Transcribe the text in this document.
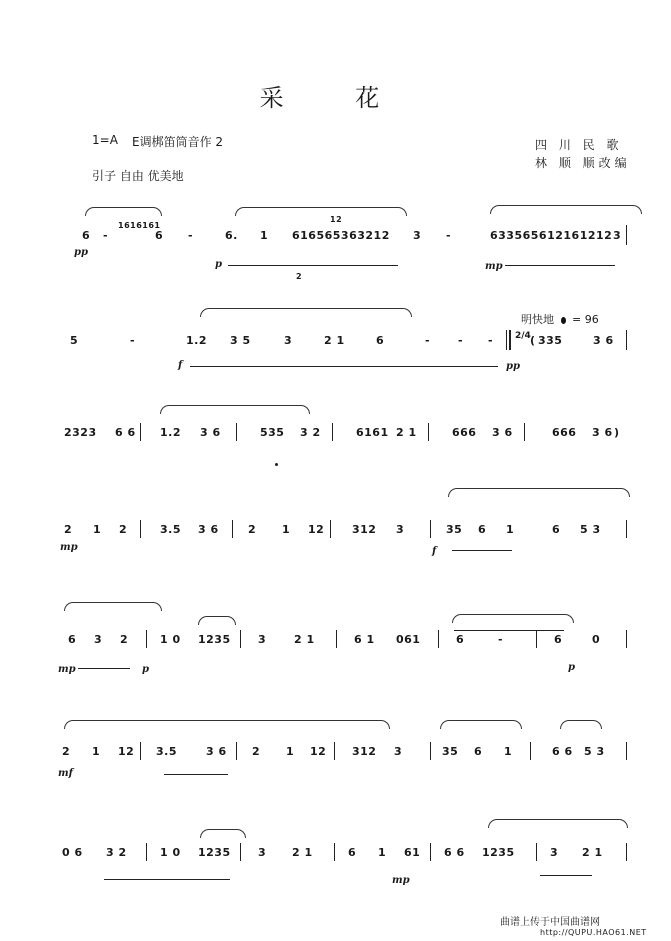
采 花
1=A E调梆笛筒音作 2	四 川 民 歌
林 顺 顺改编
引子 自由 优美地
明快地 = 96
2/4
6 -
1616161
6 -	6. 1
12
616565363212 3 -	633565612161212 3
pp
p
2
mp
5	-	1.2 3 5	3	2 1	6	-	- -	( 335	3 6
f	pp
2323 6 6 1.2 3 6	535 3 2	6161 2 1	666 3 6	666 3 6 )
2 1 2	3.5 3 6	2 1 12	312 3	35 6 1	6 5 3
mp	f
6 3 2	1 0 1235 3	2 1	6 1 061	6	-	6	0
mp	p	p
2 1 12 3.5	3 6 2 1 12 312 3	35 6 1	6 6 5 3
mf
0 6 3 2	1 0 1235 3 2 1	6 1 61 6 6 1235	3 2 1
mp
曲谱上传于中国曲谱网
http://QUPU.HAO61.NET
